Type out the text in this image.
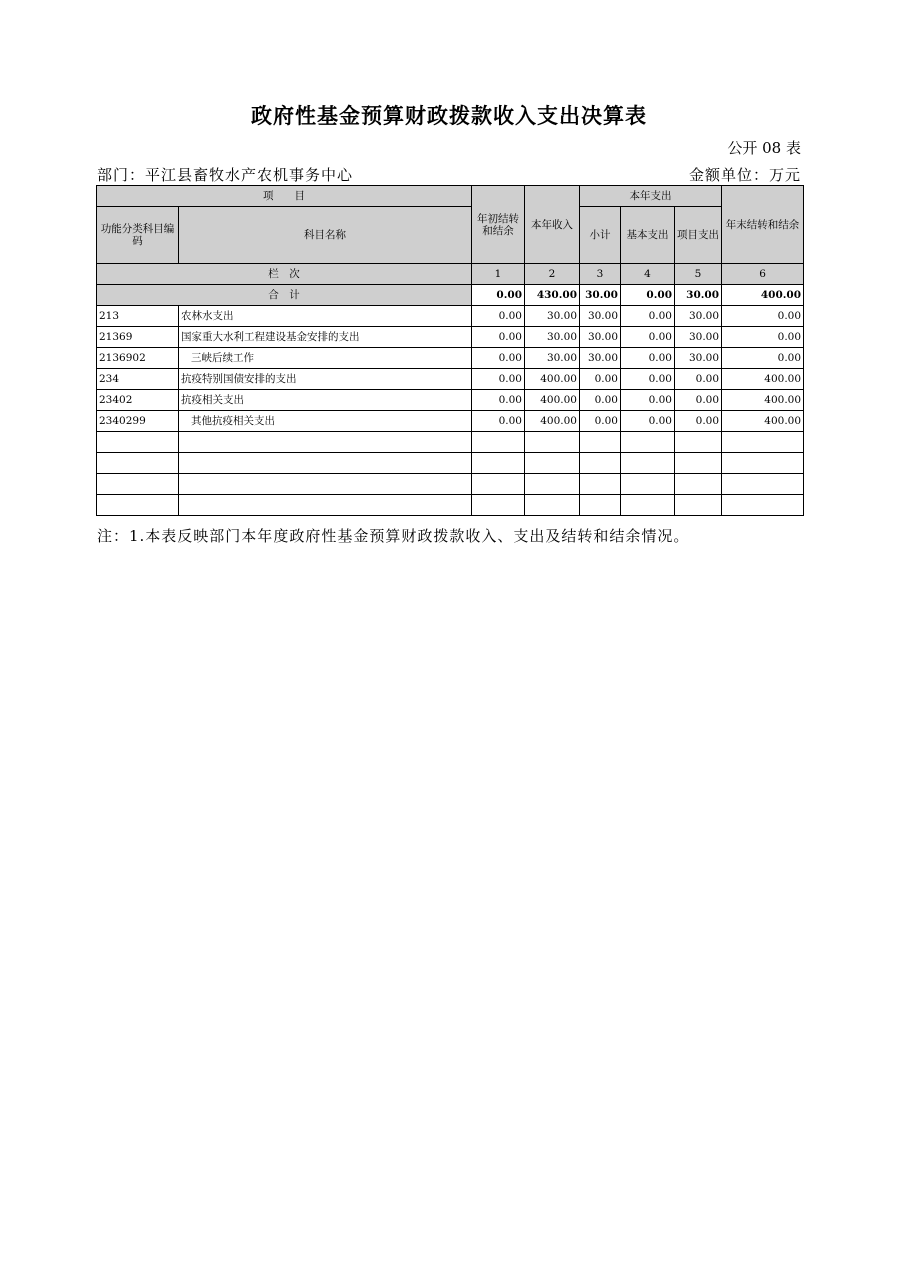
政府性基金预算财政拨款收入支出决算表
公开 08 表
部门：平江县畜牧水产农机事务中心	金额单位：万元
项　　目		年初结转和结余	本年收入	本年支出			年末结转和结余
功能分类科目编码	科目名称			小计	基本支出	项目支出	
栏　次		1	2	3	4	5	6
合　计		0.00	430.00	30.00	0.00	30.00	400.00
213	农林水支出	0.00	30.00	30.00	0.00	30.00	0.00
21369	国家重大水利工程建设基金安排的支出	0.00	30.00	30.00	0.00	30.00	0.00
2136902	三峡后续工作	0.00	30.00	30.00	0.00	30.00	0.00
234	抗疫特别国债安排的支出	0.00	400.00	0.00	0.00	0.00	400.00
23402	抗疫相关支出	0.00	400.00	0.00	0.00	0.00	400.00
2340299	其他抗疫相关支出	0.00	400.00	0.00	0.00	0.00	400.00

注：1.本表反映部门本年度政府性基金预算财政拨款收入、支出及结转和结余情况。
